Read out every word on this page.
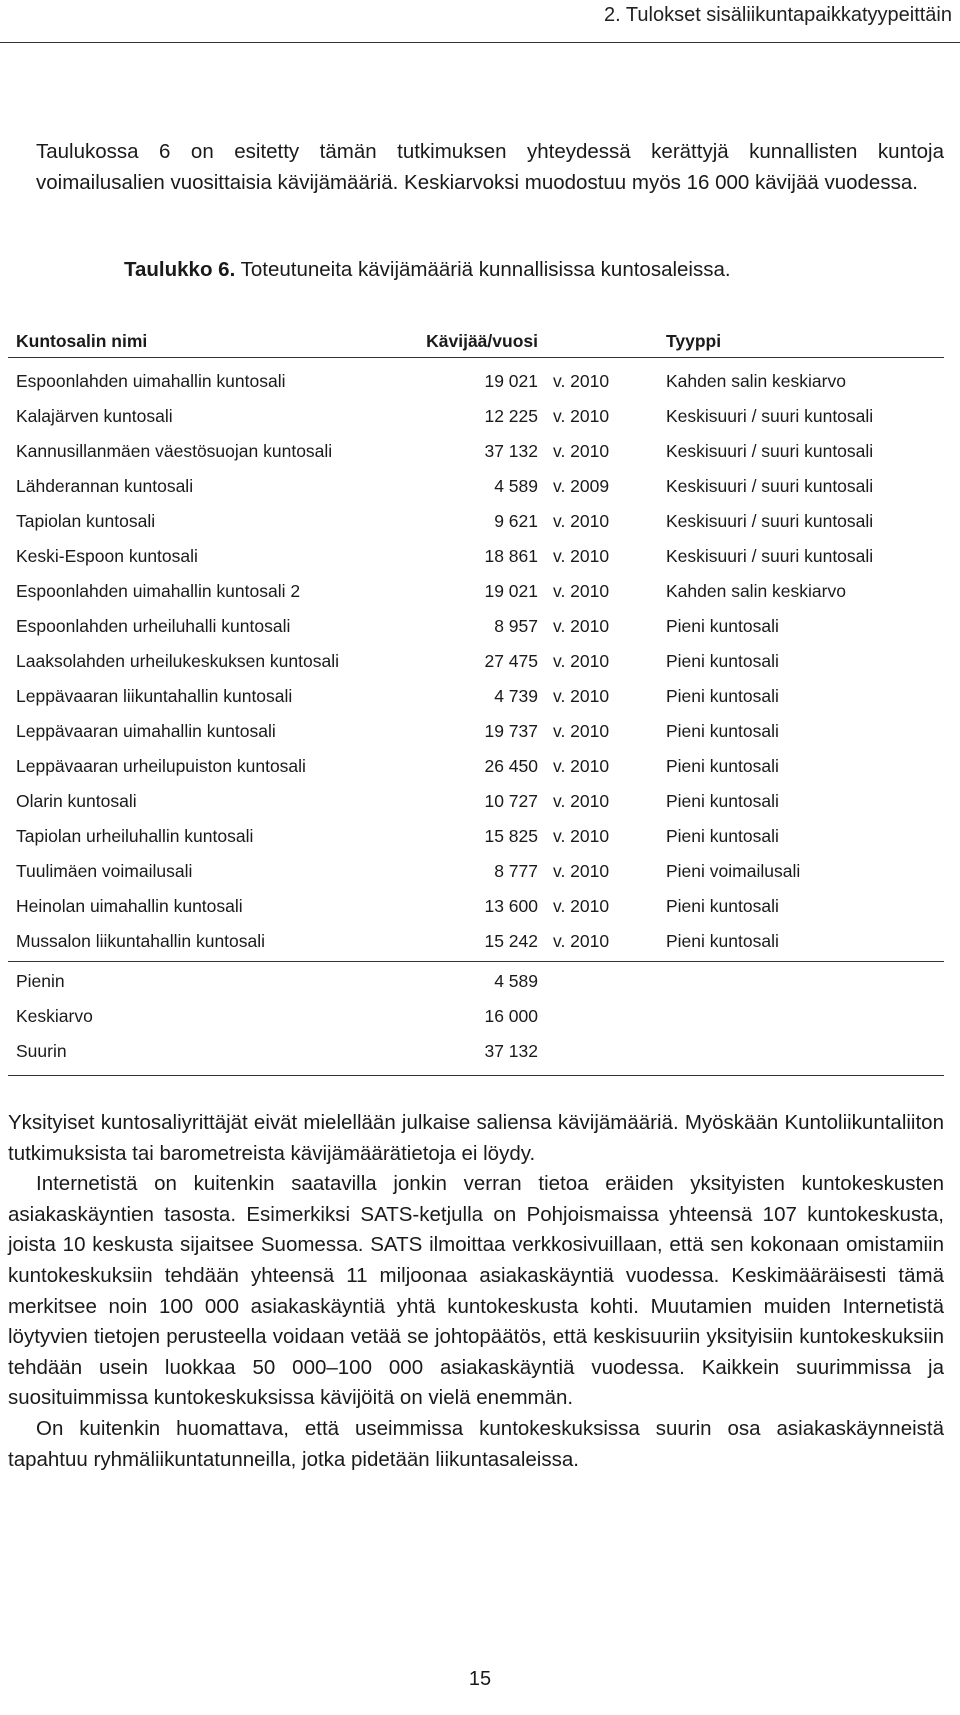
2. Tulokset sisäliikuntapaikkatyypeittäin
Taulukossa 6 on esitetty tämän tutkimuksen yhteydessä kerättyjä kunnallisten kuntoja voimailusalien vuosittaisia kävijämääriä. Keskiarvoksi muodostuu myös 16 000 kävijää vuodessa.
Taulukko 6. Toteutuneita kävijämääriä kunnallisissa kuntosaleissa.
Kuntosalin nimi	Kävijää/vuosi	Tyyppi
Espoonlahden uimahallin kuntosali	19 021 v. 2010	Kahden salin keskiarvo
Kalajärven kuntosali	12 225 v. 2010	Keskisuuri / suuri kuntosali
Kannusillanmäen väestösuojan kuntosali	37 132 v. 2010	Keskisuuri / suuri kuntosali
Lähderannan kuntosali	4 589 v. 2009	Keskisuuri / suuri kuntosali
Tapiolan kuntosali	9 621 v. 2010	Keskisuuri / suuri kuntosali
Keski-Espoon kuntosali	18 861 v. 2010	Keskisuuri / suuri kuntosali
Espoonlahden uimahallin kuntosali 2	19 021 v. 2010	Kahden salin keskiarvo
Espoonlahden urheiluhalli kuntosali	8 957 v. 2010	Pieni kuntosali
Laaksolahden urheilukeskuksen kuntosali	27 475 v. 2010	Pieni kuntosali
Leppävaaran liikuntahallin kuntosali	4 739 v. 2010	Pieni kuntosali
Leppävaaran uimahallin kuntosali	19 737 v. 2010	Pieni kuntosali
Leppävaaran urheilupuiston kuntosali	26 450 v. 2010	Pieni kuntosali
Olarin kuntosali	10 727 v. 2010	Pieni kuntosali
Tapiolan urheiluhallin kuntosali	15 825 v. 2010	Pieni kuntosali
Tuulimäen voimailusali	8 777 v. 2010	Pieni voimailusali
Heinolan uimahallin kuntosali	13 600 v. 2010	Pieni kuntosali
Mussalon liikuntahallin kuntosali	15 242 v. 2010	Pieni kuntosali
Pienin	4 589
Keskiarvo	16 000
Suurin	37 132

Yksityiset kuntosaliyrittäjät eivät mielellään julkaise saliensa kävijämääriä. Myöskään Kuntoliikuntaliiton tutkimuksista tai barometreista kävijämäärätietoja ei löydy.

Internetistä on kuitenkin saatavilla jonkin verran tietoa eräiden yksityisten kuntokeskusten asiakaskäyntien tasosta. Esimerkiksi SATS-ketjulla on Pohjoismaissa yhteensä 107 kuntokeskusta, joista 10 keskusta sijaitsee Suomessa. SATS ilmoittaa verkkosivuillaan, että sen kokonaan omistamiin kuntokeskuksiin tehdään yhteensä 11 miljoonaa asiakaskäyntiä vuodessa. Keskimääräisesti tämä merkitsee noin 100 000 asiakaskäyntiä yhtä kuntokeskusta kohti. Muutamien muiden Internetistä löytyvien tietojen perusteella voidaan vetää se johtopäätös, että keskisuuriin yksityisiin kuntokeskuksiin tehdään usein luokkaa 50 000–100 000 asiakaskäyntiä vuodessa. Kaikkein suurimmissa ja suosituimmissa kuntokeskuksissa kävijöitä on vielä enemmän.

On kuitenkin huomattava, että useimmissa kuntokeskuksissa suurin osa asiakaskäynneistä tapahtuu ryhmäliikuntatunneilla, jotka pidetään liikuntasaleissa.

15
